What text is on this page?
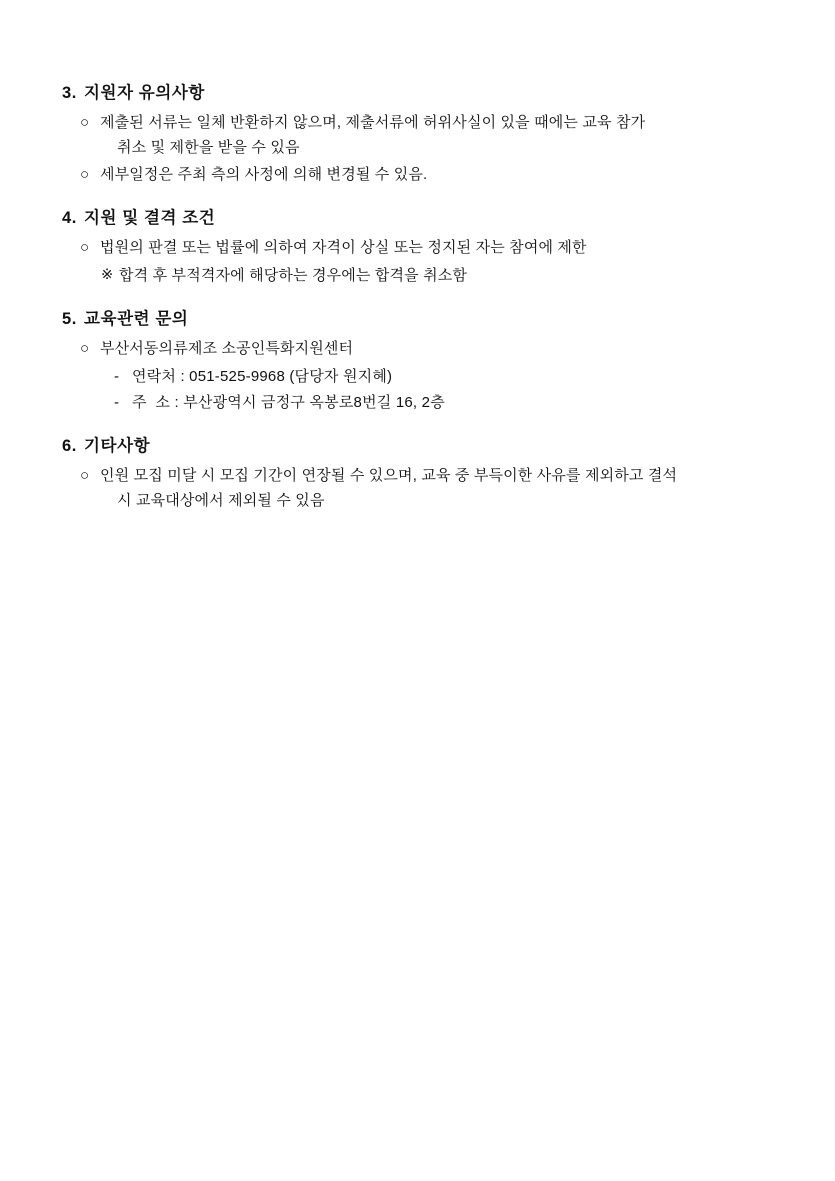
3. 지원자 유의사항
○ 제출된 서류는 일체 반환하지 않으며, 제출서류에 허위사실이 있을 때에는 교육 참가
취소 및 제한을 받을 수 있음
○ 세부일정은 주최 측의 사정에 의해 변경될 수 있음.
4. 지원 및 결격 조건
○ 법원의 판결 또는 법률에 의하여 자격이 상실 또는 정지된 자는 참여에 제한
※ 합격 후 부적격자에 해당하는 경우에는 합격을 취소함
5. 교육관련 문의
○ 부산서동의류제조 소공인특화지원센터
- 연락처 : 051-525-9968 (담당자 원지혜)
- 주  소 : 부산광역시 금정구 옥봉로8번길 16, 2층
6. 기타사항
○ 인원 모집 미달 시 모집 기간이 연장될 수 있으며, 교육 중 부득이한 사유를 제외하고 결석
시 교육대상에서 제외될 수 있음
